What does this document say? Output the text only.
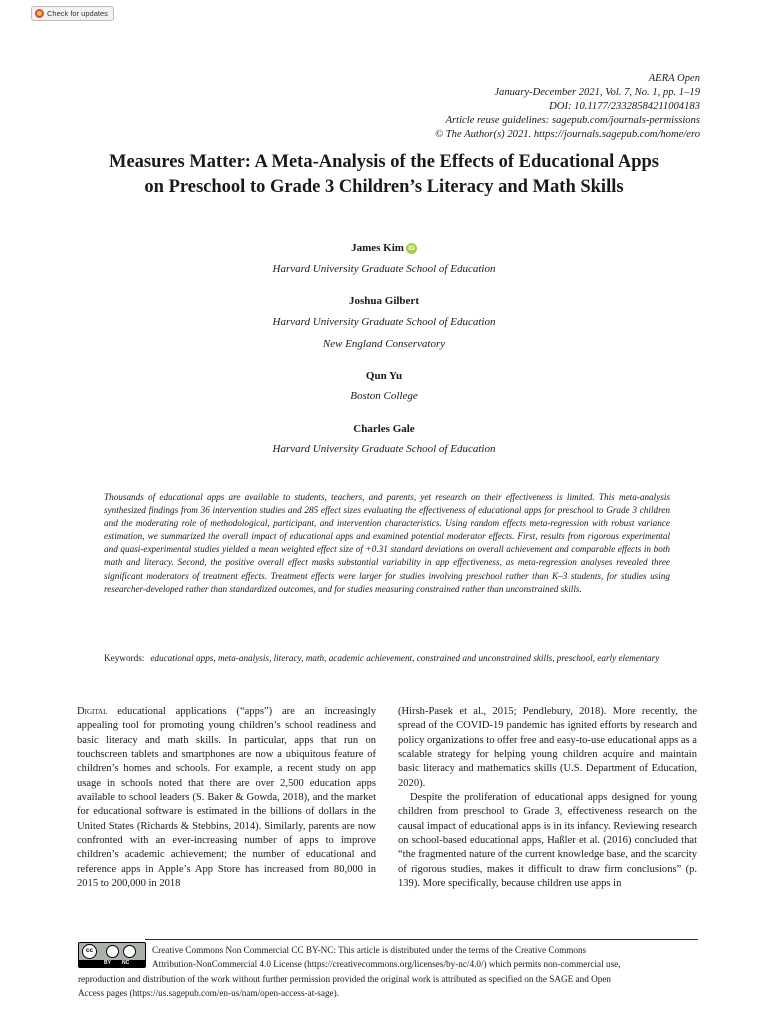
Check for updates
AERA Open
January-December 2021, Vol. 7, No. 1, pp. 1–19
DOI: 10.1177/23328584211004183
Article reuse guidelines: sagepub.com/journals-permissions
© The Author(s) 2021. https://journals.sagepub.com/home/ero
Measures Matter: A Meta-Analysis of the Effects of Educational Apps
on Preschool to Grade 3 Children’s Literacy and Math Skills
James Kim iD
Harvard University Graduate School of Education
Joshua Gilbert
Harvard University Graduate School of Education
New England Conservatory
Qun Yu
Boston College
Charles Gale
Harvard University Graduate School of Education
Thousands of educational apps are available to students, teachers, and parents, yet research on their effectiveness is limited. This meta-analysis synthesized findings from 36 intervention studies and 285 effect sizes evaluating the effectiveness of educational apps for preschool to Grade 3 children and the moderating role of methodological, participant, and intervention characteristics. Using random effects meta-regression with robust variance estimation, we summarized the overall impact of educational apps and examined potential moderator effects. First, results from rigorous experimental and quasi-experimental studies yielded a mean weighted effect size of +0.31 standard deviations on overall achievement and comparable effects in both math and literacy. Second, the positive overall effect masks substantial variability in app effectiveness, as meta-regression analyses revealed three significant moderators of treatment effects. Treatment effects were larger for studies involving preschool rather than K–3 students, for studies using researcher-developed rather than standardized outcomes, and for studies measuring constrained rather than unconstrained skills.
Keywords: educational apps, meta-analysis, literacy, math, academic achievement, constrained and unconstrained skills, preschool, early elementary

Digital educational applications (“apps”) are an increasingly appealing tool for promoting young children’s school readiness and basic literacy and math skills. In particular, apps that run on touchscreen tablets and smartphones are now a ubiquitous feature of children’s homes and schools. For example, a recent study on app usage in schools noted that there are over 2,500 education apps available to school leaders (S. Baker & Gowda, 2018), and the market for educational software is estimated in the billions of dollars in the United States (Richards & Stebbins, 2014). Similarly, parents are now confronted with an ever-increasing number of apps to improve children’s academic achievement; the number of educational and reference apps in Apple’s App Store has increased from 80,000 in 2015 to 200,000 in 2018

(Hirsh-Pasek et al., 2015; Pendlebury, 2018). More recently, the spread of the COVID-19 pandemic has ignited efforts by research and policy organizations to offer free and easy-to-use educational apps as a scalable strategy for helping young children acquire and maintain basic literacy and mathematics skills (U.S. Department of Education, 2020).

Despite the proliferation of educational apps designed for young children from preschool to Grade 3, effectiveness research on the causal impact of educational apps is in its infancy. Reviewing research on school-based educational apps, Haßler et al. (2016) concluded that “the fragmented nature of the current knowledge base, and the scarcity of rigorous studies, makes it difficult to draw firm conclusions” (p. 139). More specifically, because children use apps in

cc
BY NC
Creative Commons Non Commercial CC BY-NC: This article is distributed under the terms of the Creative Commons
Attribution-NonCommercial 4.0 License (https://creativecommons.org/licenses/by-nc/4.0/) which permits non-commercial use,
reproduction and distribution of the work without further permission provided the original work is attributed as specified on the SAGE and Open
Access pages (https://us.sagepub.com/en-us/nam/open-access-at-sage).
